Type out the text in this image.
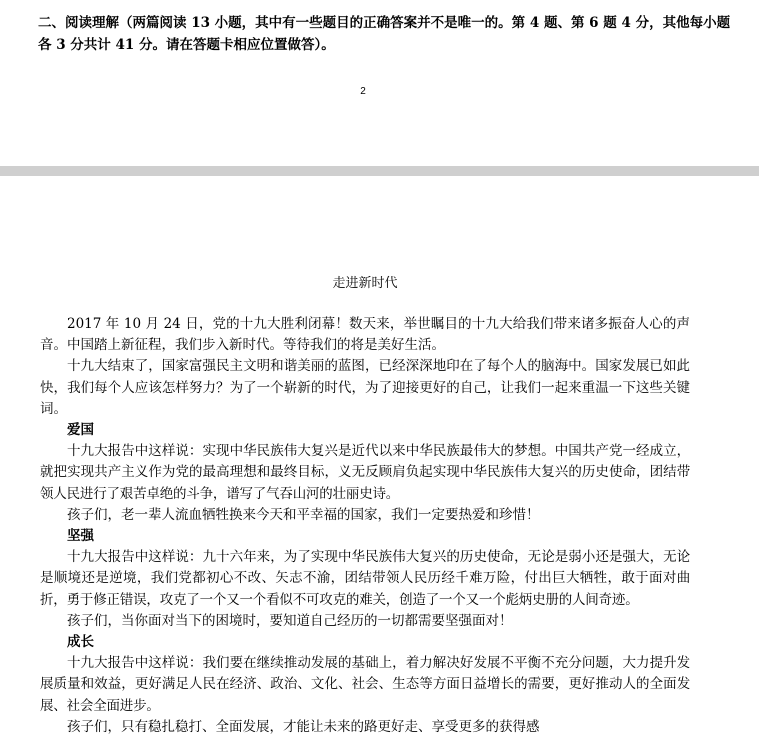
二、阅读理解（两篇阅读 13 小题，其中有一些题目的正确答案并不是唯一的。第 4 题、第 6 题 4 分，其他每小题各 3 分共计 41 分。请在答题卡相应位置做答）。
2
走进新时代

2017 年 10 月 24 日，党的十九大胜利闭幕！数天来，举世瞩目的十九大给我们带来诸多振奋人心的声音。中国踏上新征程，我们步入新时代。等待我们的将是美好生活。

十九大结束了，国家富强民主文明和谐美丽的蓝图，已经深深地印在了每个人的脑海中。国家发展已如此快，我们每个人应该怎样努力？为了一个崭新的时代，为了迎接更好的自己，让我们一起来重温一下这些关键词。

爱国

十九大报告中这样说：实现中华民族伟大复兴是近代以来中华民族最伟大的梦想。中国共产党一经成立，就把实现共产主义作为党的最高理想和最终目标，义无反顾肩负起实现中华民族伟大复兴的历史使命，团结带领人民进行了艰苦卓绝的斗争，谱写了气吞山河的壮丽史诗。

孩子们，老一辈人流血牺牲换来今天和平幸福的国家，我们一定要热爱和珍惜！

坚强

十九大报告中这样说：九十六年来，为了实现中华民族伟大复兴的历史使命，无论是弱小还是强大，无论是顺境还是逆境，我们党都初心不改、矢志不渝，团结带领人民历经千难万险，付出巨大牺牲，敢于面对曲折，勇于修正错误，攻克了一个又一个看似不可攻克的难关，创造了一个又一个彪炳史册的人间奇迹。

孩子们，当你面对当下的困境时，要知道自己经历的一切都需要坚强面对！

成长

十九大报告中这样说：我们要在继续推动发展的基础上，着力解决好发展不平衡不充分问题，大力提升发展质量和效益，更好满足人民在经济、政治、文化、社会、生态等方面日益增长的需要，更好推动人的全面发展、社会全面进步。

孩子们，只有稳扎稳打、全面发展，才能让未来的路更好走、享受更多的获得感
